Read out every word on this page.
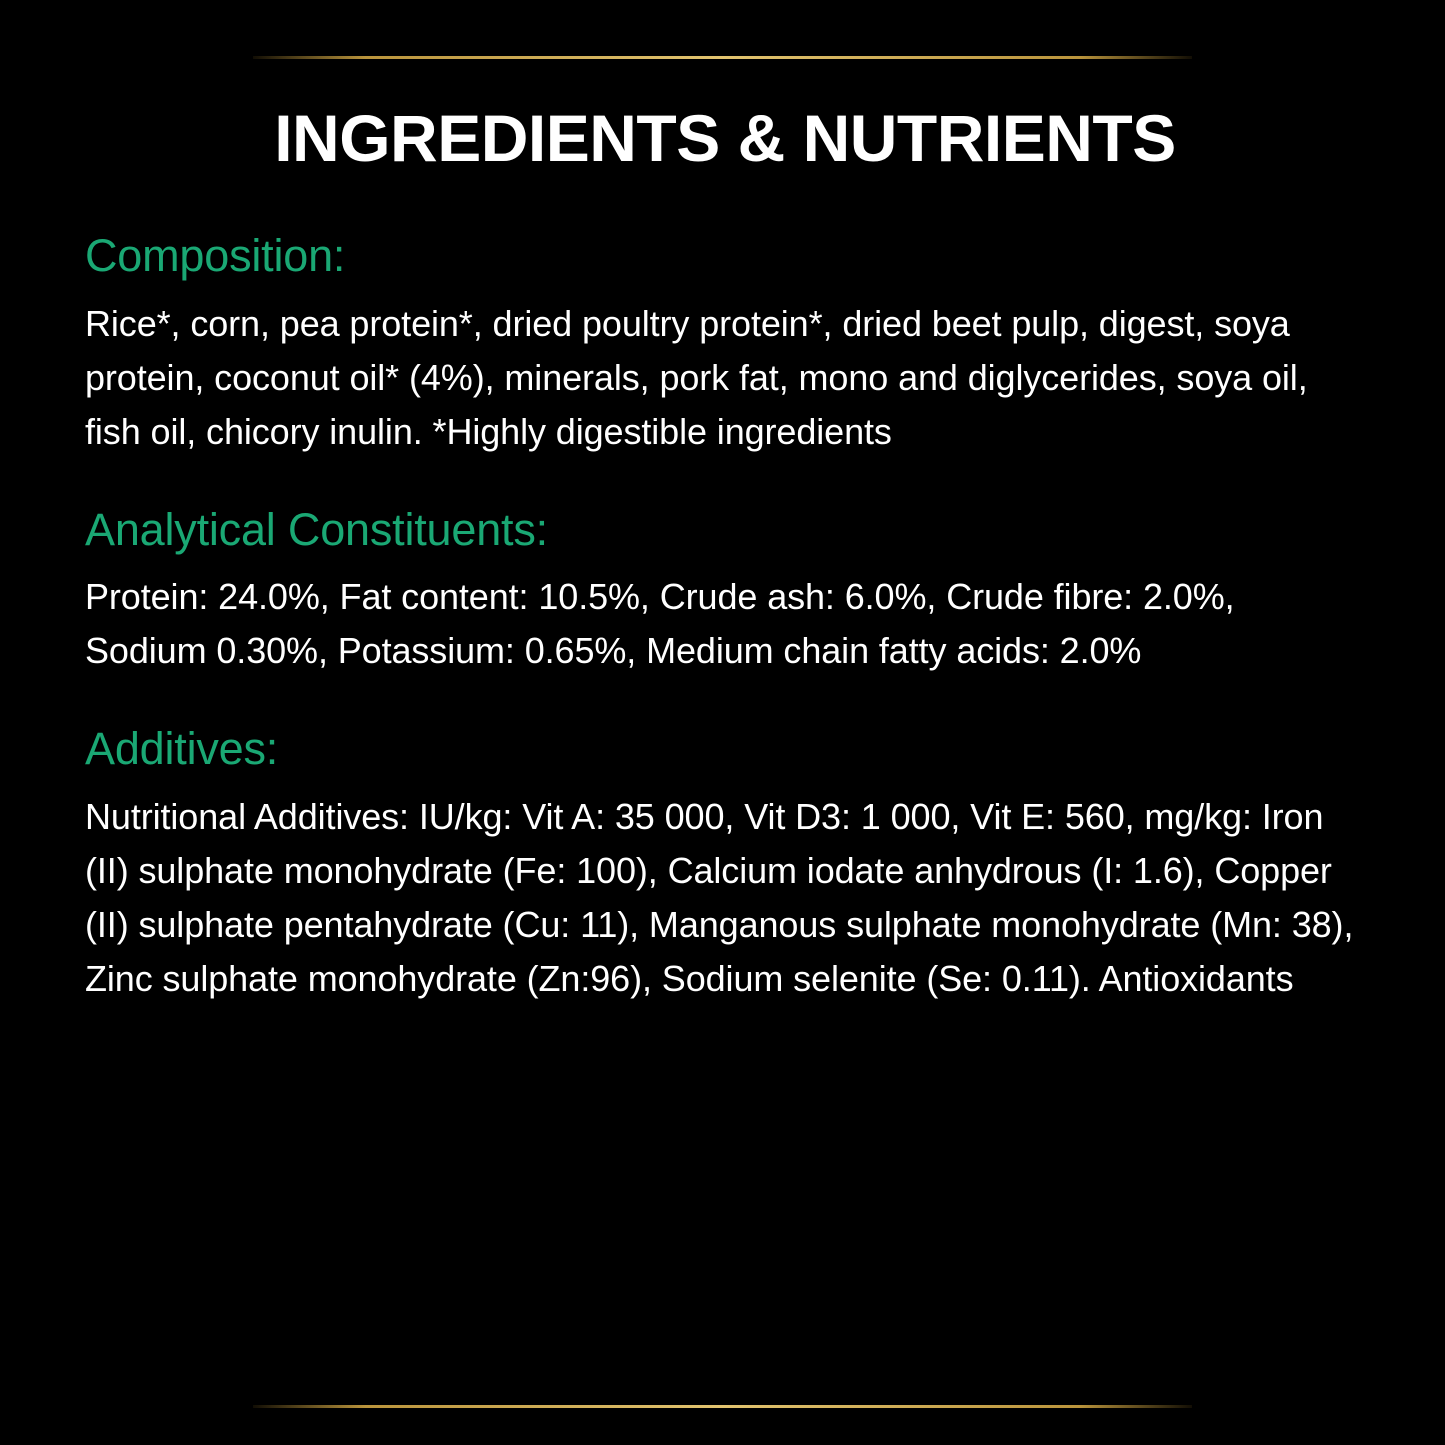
INGREDIENTS & NUTRIENTS
Composition:

Rice*, corn, pea protein*, dried poultry protein*, dried beet pulp, digest, soya protein, coconut oil* (4%), minerals, pork fat, mono and diglycerides, soya oil, fish oil, chicory inulin. *Highly digestible ingredients

Analytical Constituents:

Protein: 24.0%, Fat content: 10.5%, Crude ash: 6.0%, Crude fibre: 2.0%, Sodium 0.30%, Potassium: 0.65%, Medium chain fatty acids: 2.0%

Additives:

Nutritional Additives: IU/kg: Vit A: 35 000, Vit D3: 1 000, Vit E: 560, mg/kg: Iron (II) sulphate monohydrate (Fe: 100), Calcium iodate anhydrous (I: 1.6), Copper (II) sulphate pentahydrate (Cu: 11), Manganous sulphate monohydrate (Mn: 38), Zinc sulphate monohydrate (Zn:96), Sodium selenite (Se: 0.11). Antioxidants
